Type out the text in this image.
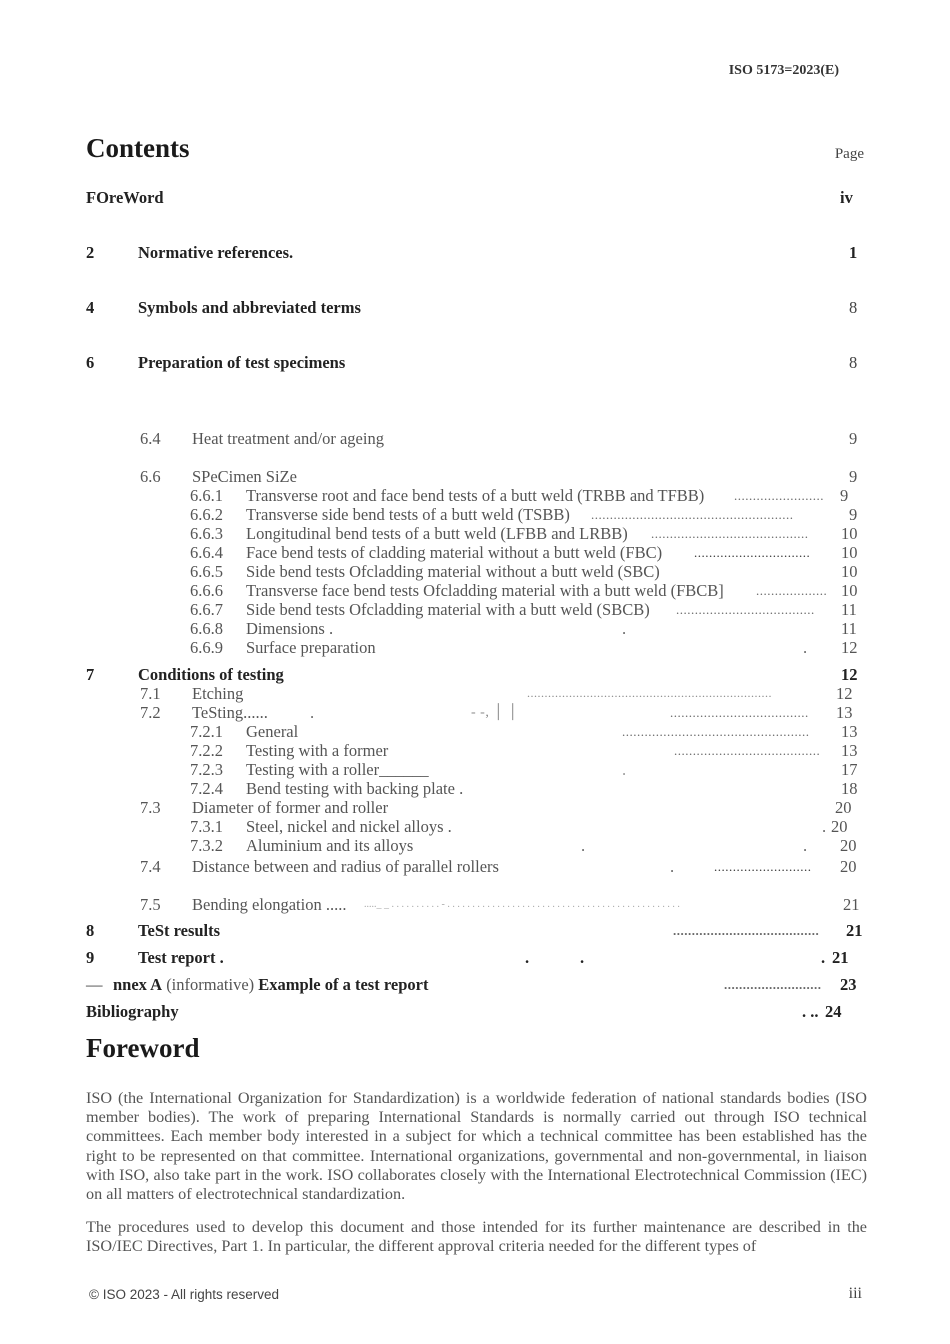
ISO 5173=2023(E)
Contents	Page
FOreWord	iv
2	Normative references.	1
4	Symbols and abbreviated terms	8
6	Preparation of test specimens	8
6.4 Heat treatment and/or ageing	9
6.6 SPeCimen SiZe	9
6.6.1 Transverse root and face bend tests of a butt weld (TRBB and TFBB) ........................ 9
6.6.2 Transverse side bend tests of a butt weld (TSBB) ......................................................	9
6.6.3 Longitudinal bend tests of a butt weld (LFBB and LRBB) .......................................... 10
6.6.4 Face bend tests of cladding material without a butt weld (FBC) ............................... 10
6.6.5 Side bend tests Ofcladding material without a butt weld (SBC)	10
6.6.6 Transverse face bend tests Ofcladding material with a butt weld (FBCB] ................... 10
6.6.7 Side bend tests Ofcladding material with a butt weld (SBCB) ..................................... 11
6.6.8 Dimensions .	.	11
6.6.9 Surface preparation	. 12
7	Conditions of testing	12
7.1 Etching	......................................................................	12
7.2 TeSting......	.	- -, │ │	..................................... 13
7.2.1 General	.................................................. 13
7.2.2 Testing with a former	....................................... 13
7.2.3 Testing with a roller______	.	17
7.2.4 Bend testing with backing plate .	18
7.3 Diameter of former and roller	20
7.3.1 Steel, nickel and nickel alloys .	. 20
7.3.2 Aluminium and its alloys	.	. 20
7.4 Distance between and radius of parallel rollers	.	.......................... 20
7.5 Bending elongation ..... ....._ _ . . . . . . . . . . - . . . . . . . . . . . . . . . . . . . . . . . . . . . . . . . . . . . . . . . . . . . . . . .	21
8	TeSt results	....................................... 21
9	Test report .	.	.	. 21
— nnex A (informative) Example of a test report	.......................... 23
Bibliography	. .. 24
Foreword
ISO (the International Organization for Standardization) is a worldwide federation of national standards bodies (ISO member bodies). The work of preparing International Standards is normally carried out through ISO technical committees. Each member body interested in a subject for which a technical committee has been established has the right to be represented on that committee. International organizations, governmental and non-governmental, in liaison with ISO, also take part in the work. ISO collaborates closely with the International Electrotechnical Commission (IEC) on all matters of electrotechnical standardization.
The procedures used to develop this document and those intended for its further maintenance are described in the ISO/IEC Directives, Part 1. In particular, the different approval criteria needed for the different types of
© ISO 2023 - All rights reserved	iii
